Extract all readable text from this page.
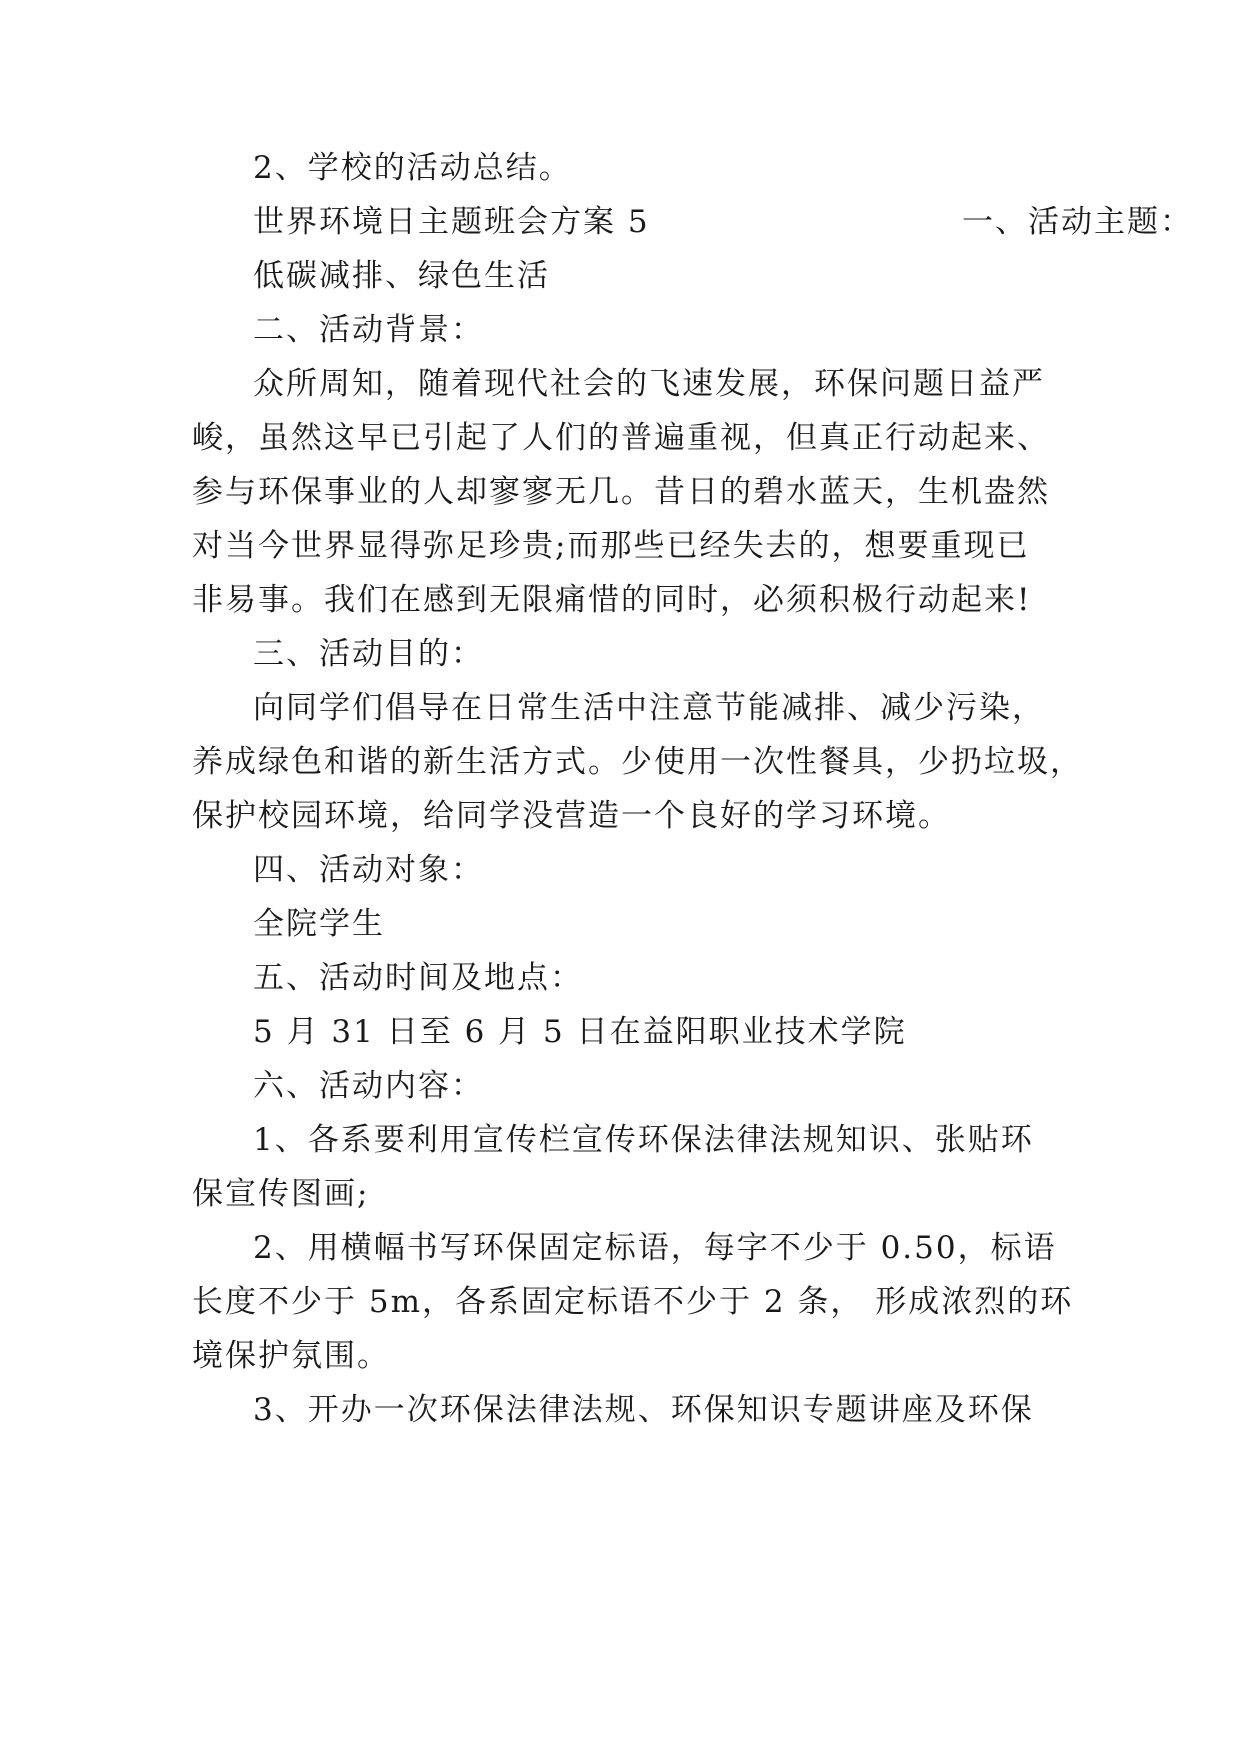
2、学校的活动总结。
世界环境日主题班会方案 5	一、活动主题：
低碳减排、绿色生活
二、活动背景：
众所周知，随着现代社会的飞速发展，环保问题日益严
峻，虽然这早已引起了人们的普遍重视，但真正行动起来、
参与环保事业的人却寥寥无几。昔日的碧水蓝天，生机盎然
对当今世界显得弥足珍贵;而那些已经失去的，想要重现已
非易事。我们在感到无限痛惜的同时，必须积极行动起来!
三、活动目的：
向同学们倡导在日常生活中注意节能减排、减少污染，
养成绿色和谐的新生活方式。少使用一次性餐具，少扔垃圾，
保护校园环境，给同学没营造一个良好的学习环境。
四、活动对象：
全院学生
五、活动时间及地点：
5 月 31 日至 6 月 5 日在益阳职业技术学院
六、活动内容：
1、各系要利用宣传栏宣传环保法律法规知识、张贴环
保宣传图画;
2、用横幅书写环保固定标语，每字不少于 0.50，标语
长度不少于 5m，各系固定标语不少于 2 条， 形成浓烈的环
境保护氛围。
3、开办一次环保法律法规、环保知识专题讲座及环保
